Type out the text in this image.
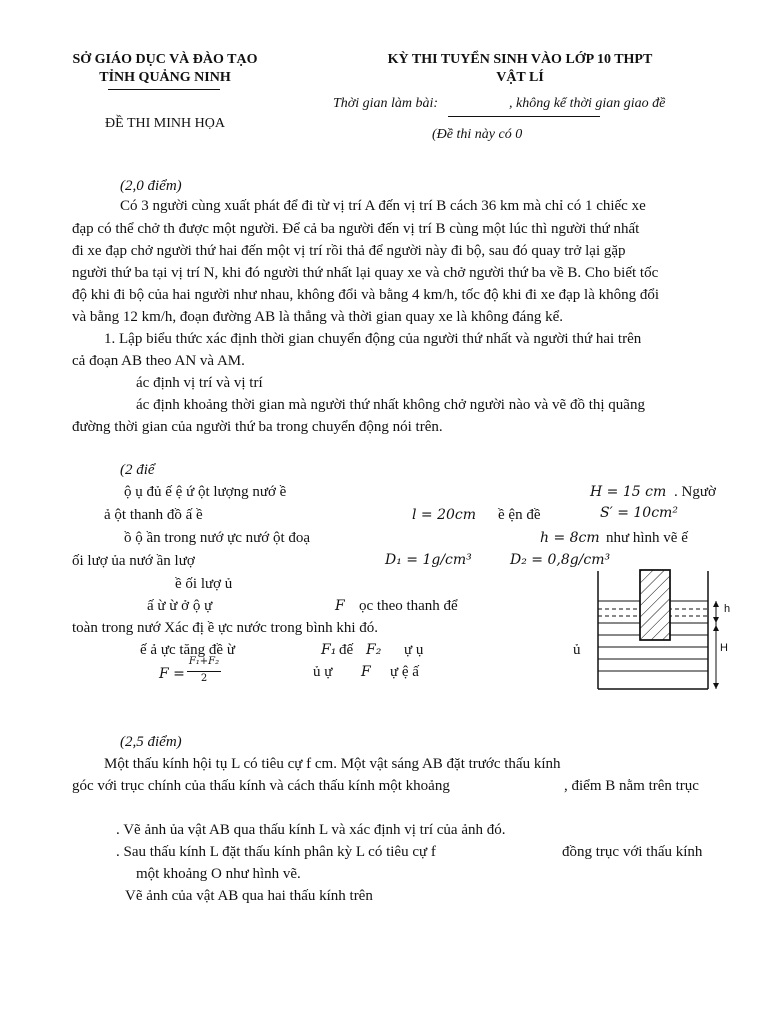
SỞ GIÁO DỤC VÀ ĐÀO TẠO
TỈNH QUẢNG NINH
ĐỀ THI MINH HỌA
KỲ THI TUYỂN SINH VÀO LỚP 10 THPT
VẬT LÍ
Thời gian làm bài:	, không kể thời gian giao đề
(Đề thi này có 0
(2,0 điểm)
Có 3 người cùng xuất phát để đi từ vị trí A đến vị trí B cách 36 km mà chỉ có 1 chiếc xe
đạp có thể chở th được một người. Để cả ba người đến vị trí B cùng một lúc thì người thứ nhất
đi xe đạp chở người thứ hai đến một vị trí rồi thả để người này đi bộ, sau đó quay trở lại gặp
người thứ ba tại vị trí N, khi đó người thứ nhất lại quay xe và chở người thứ ba về B. Cho biết tốc
độ khi đi bộ của hai người như nhau, không đổi và bằng 4 km/h, tốc độ khi đi xe đạp là không đổi
và bằng 12 km/h, đoạn đường AB là thẳng và thời gian quay xe là không đáng kể.
1. Lập biểu thức xác định thời gian chuyển động của người thứ nhất và người thứ hai trên
cả đoạn AB theo AN và AM.
ác định vị trí và vị trí
ác định khoảng thời gian mà người thứ nhất không chở người nào và vẽ đồ thị quãng
đường thời gian của người thứ ba trong chuyển động nói trên.
(2 điể
ộ ụ đủ ế ệ ứ ột lượng nướ ề	H = 15 cm . Ngườ
ả ột thanh đồ ấ ề	l = 20cm ề ện đề	S′ = 10cm²
ồ ộ ần trong nướ ực nướ ột đoạ	h = 8cm như hình vẽ ế
ối lượ ủa nướ ần lượ	D₁ = 1g/cm³	D₂ = 0,8g/cm³
ề ối lượ ủ
ấ ừ ừ ở ộ ự	F ọc theo thanh để
toàn trong nướ Xác đị ề ực nước trong bình khi đó.
ế ả ực tăng đề ừ	F₁ đế F₂ ự ụ	ủ
F =
F₁+F₂
2	ủ ự F ự ệ ấ
h
H
(2,5 điểm)
Một thấu kính hội tụ L có tiêu cự f cm. Một vật sáng AB đặt trước thấu kính
góc với trục chính của thấu kính và cách thấu kính một khoảng	, điểm B nằm trên trục
. Vẽ ảnh ủa vật AB qua thấu kính L và xác định vị trí của ảnh đó.
. Sau thấu kính L đặt thấu kính phân kỳ L có tiêu cự f	đồng trục với thấu kính
một khoảng O như hình vẽ.
Vẽ ảnh của vật AB qua hai thấu kính trên
